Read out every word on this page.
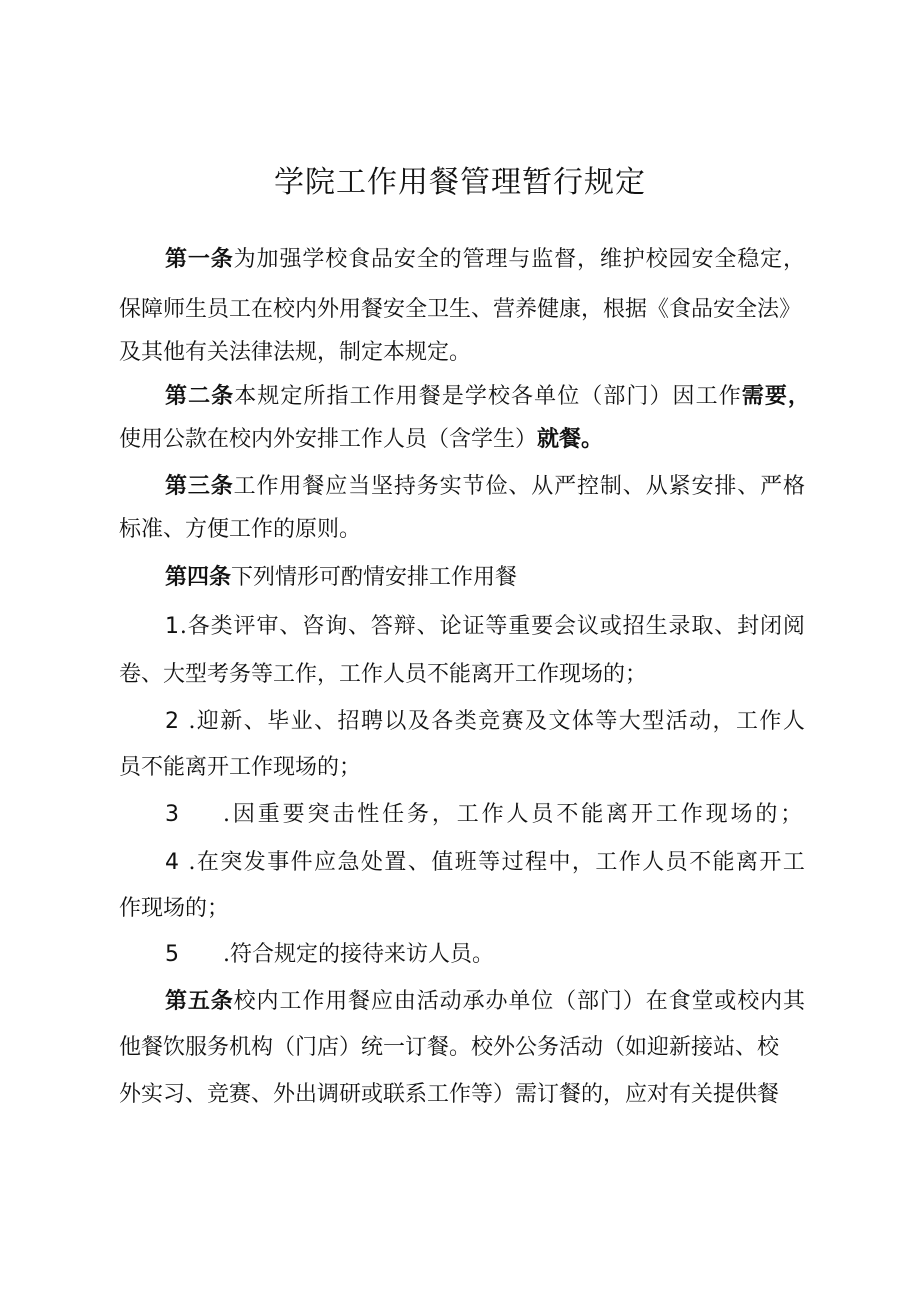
学院工作用餐管理暂行规定
第一条为加强学校食品安全的管理与监督，维护校园安全稳定，
保障师生员工在校内外用餐安全卫生、营养健康，根据《食品安全法》
及其他有关法律法规，制定本规定。
第二条本规定所指工作用餐是学校各单位（部门）因工作需要，
使用公款在校内外安排工作人员（含学生）就餐。
第三条工作用餐应当坚持务实节俭、从严控制、从紧安排、严格
标准、方便工作的原则。
第四条下列情形可酌情安排工作用餐
1.各类评审、咨询、答辩、论证等重要会议或招生录取、封闭阅
卷、大型考务等工作，工作人员不能离开工作现场的；
2 .迎新、毕业、招聘以及各类竞赛及文体等大型活动，工作人
员不能离开工作现场的；
3 .因重要突击性任务，工作人员不能离开工作现场的；
4 .在突发事件应急处置、值班等过程中，工作人员不能离开工
作现场的；
5 .符合规定的接待来访人员。
第五条校内工作用餐应由活动承办单位（部门）在食堂或校内其
他餐饮服务机构（门店）统一订餐。校外公务活动（如迎新接站、校
外实习、竞赛、外出调研或联系工作等）需订餐的，应对有关提供餐
